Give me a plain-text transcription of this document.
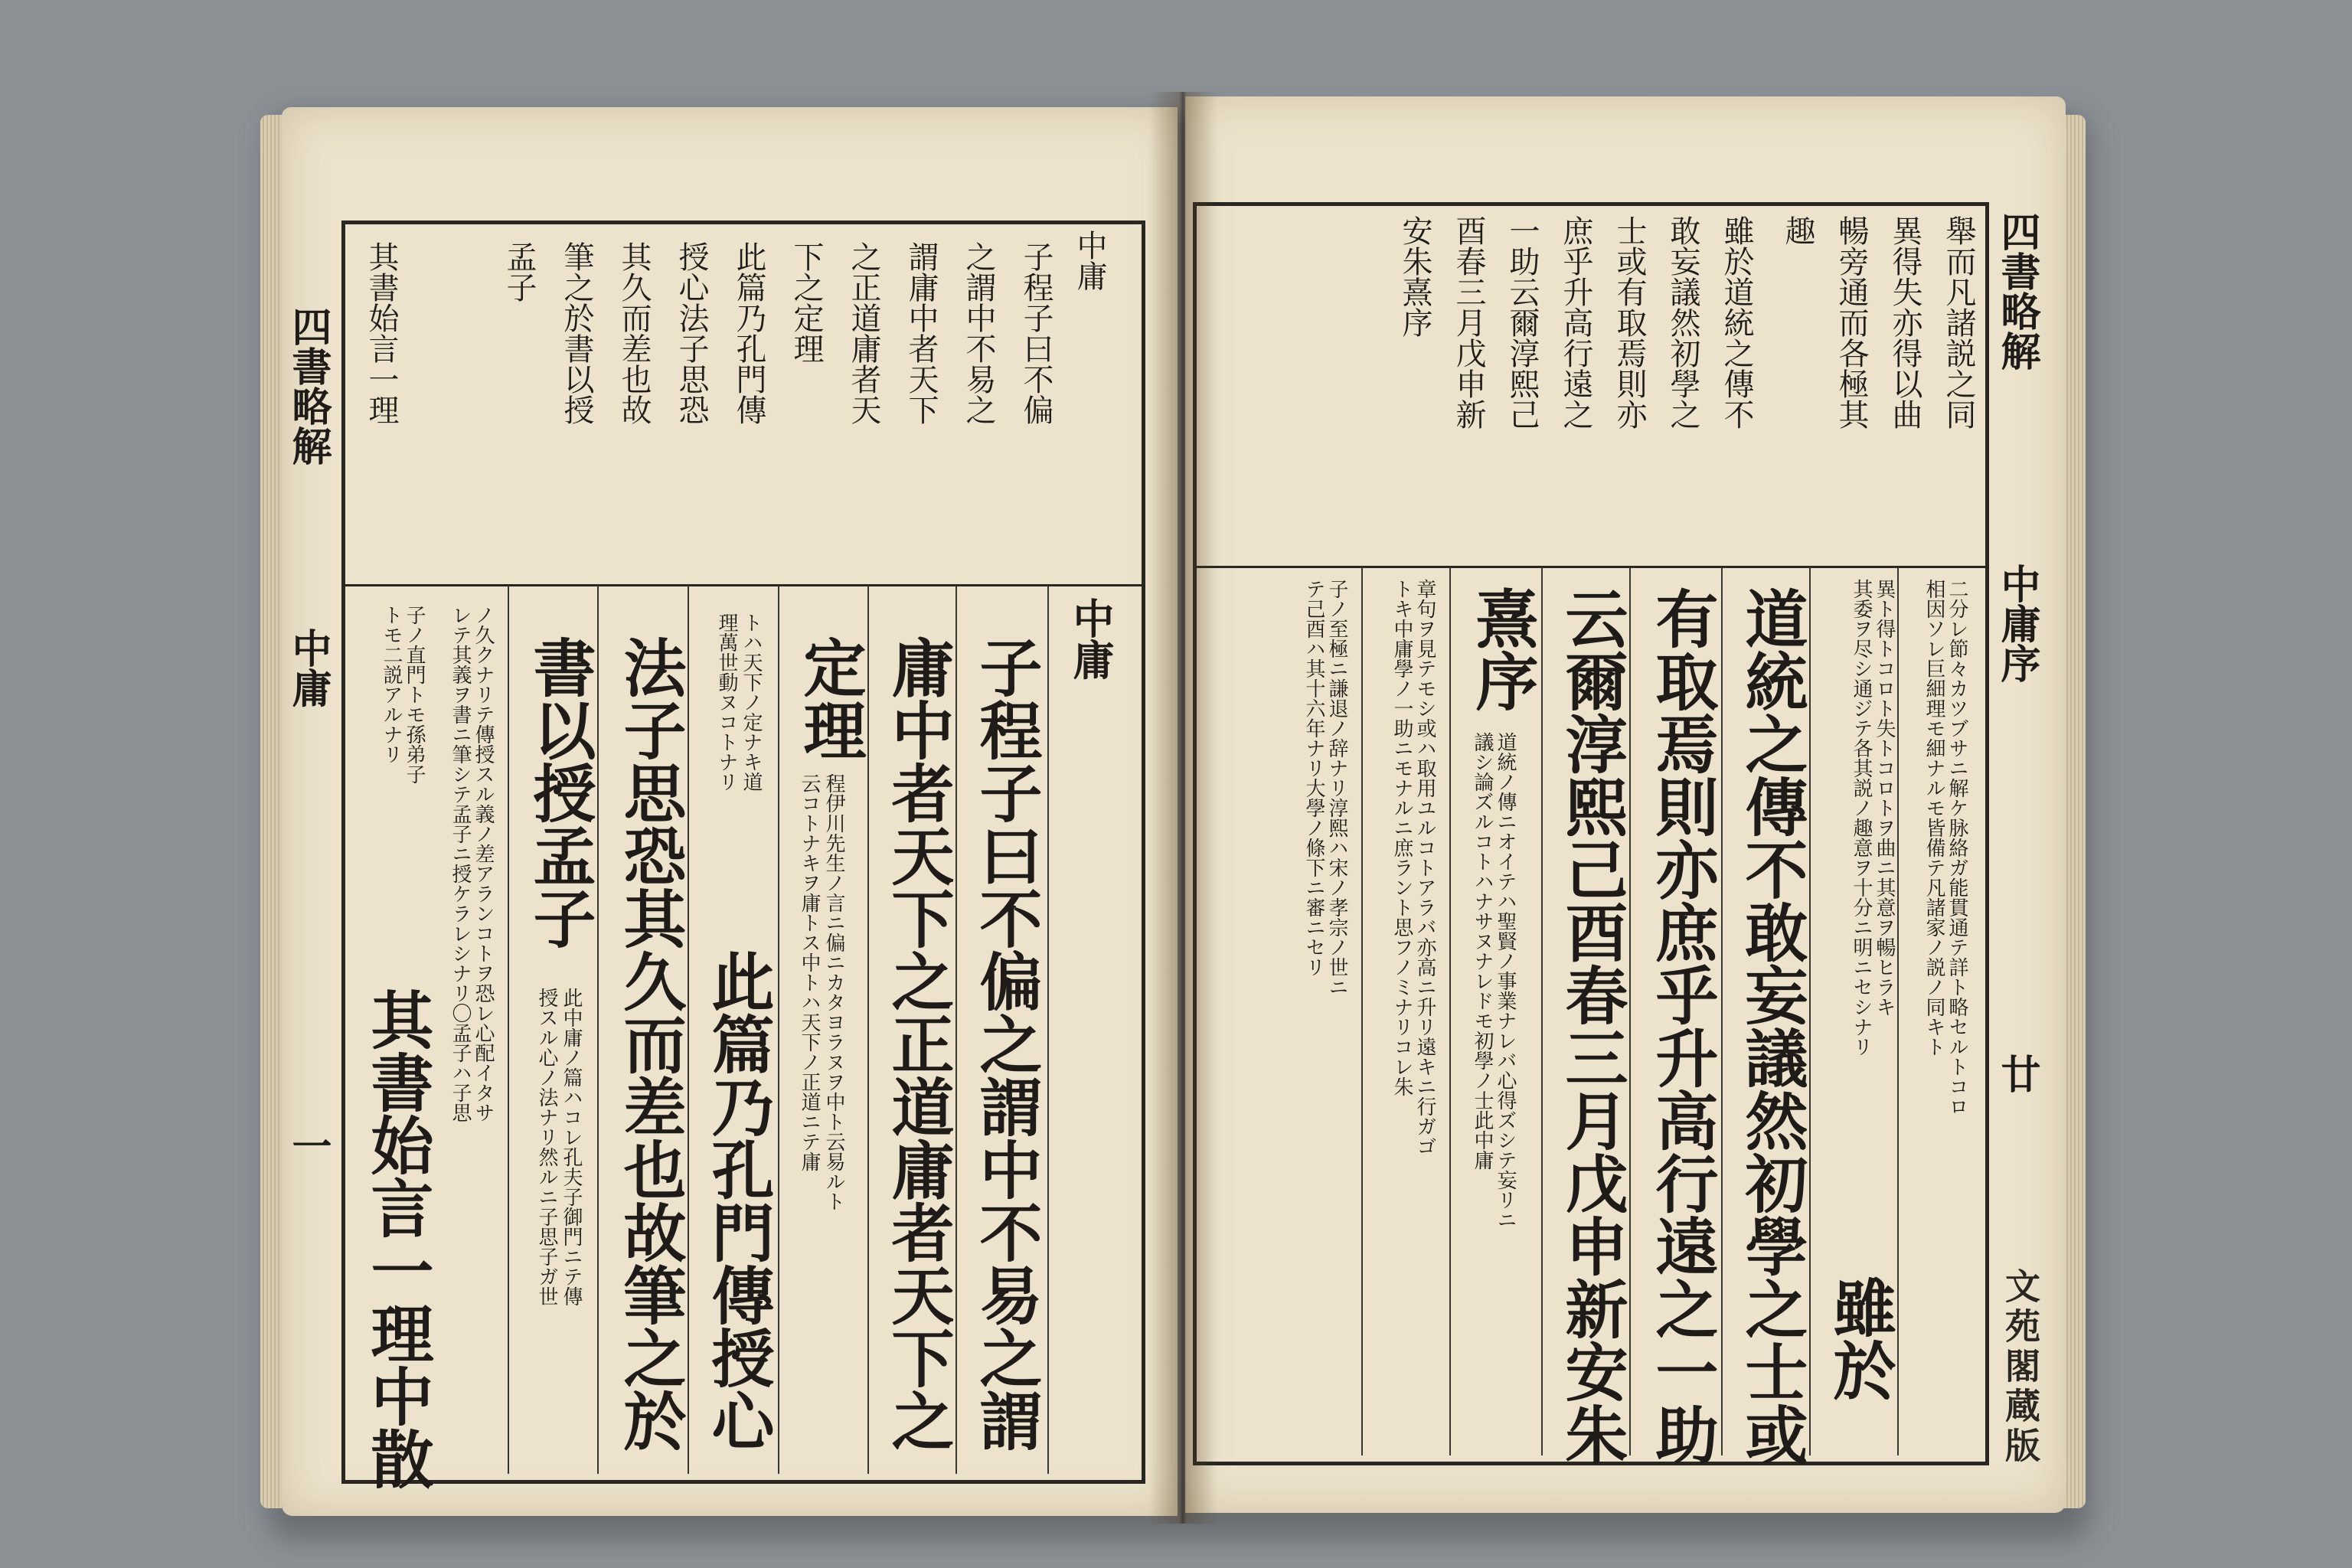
四書略解
中庸
一
中庸
子程子曰不偏
之謂中不易之
謂庸中者天下
之正道庸者天
下之定理
此篇乃孔門傳
授心法子思恐
其久而差也故
筆之於書以授
孟子
其書始言一理
中庸
子程子曰不偏之謂中不易之謂
庸中者天下之正道庸者天下之
定理
程伊川先生ノ言ニ偏ニカタヨラヌヲ中ト云易ルト
云コトナキヲ庸トス中トハ天下ノ正道ニテ庸
トハ天下ノ定ナキ道
理萬世動ヌコトナリ
此篇乃孔門傳授心
法子思恐其久而差也故筆之於
書以授孟子
此中庸ノ篇ハコレ孔夫子御門ニテ傳
授スル心ノ法ナリ然ルニ子思子ガ世
ノ久クナリテ傳授スル義ノ差アランコトヲ恐レ心配イタサ
レテ其義ヲ書ニ筆シテ孟子ニ授ケラレシナリ〇孟子ハ子思
子ノ直門トモ孫弟子
トモ二説アルナリ
其書始言一理中散
四書略解
中庸序
廿
文苑閣蔵版
舉而凡諸説之同
異得失亦得以曲
暢旁通而各極其
趣
雖於道統之傳不
敢妄議然初學之
士或有取焉則亦
庶乎升高行遠之
一助云爾淳熙己
酉春三月戊申新
安朱熹序
二分レ節々カツブサニ解ケ脉絡ガ能貫通テ詳ト略セルトコロ
相因ソレ巨細理モ細ナルモ皆備テ凡諸家ノ説ノ同キト
異ト得トコロト失トコロトヲ曲ニ其意ヲ暢ヒラキ
其委ヲ尽シ通ジテ各其説ノ趣意ヲ十分ニ明ニセシナリ
雖於
道統之傳不敢妄議然初學之士或
有取焉則亦庶乎升高行遠之一助
云爾淳熙己酉春三月戊申新安朱
熹序
道統ノ傳ニオイテハ聖賢ノ事業ナレバ心得ズシテ妄リニ
議シ論ズルコトハナサヌナレドモ初學ノ士此中庸
章句ヲ見テモシ或ハ取用ユルコトアラバ亦高ニ升リ遠キニ行ガゴ
トキ中庸學ノ一助ニモナルニ庶ラント思フノミナリコレ朱
子ノ至極ニ謙退ノ辞ナリ淳熙ハ宋ノ孝宗ノ世ニ
テ己酉ハ其十六年ナリ大學ノ條下ニ審ニセリ
